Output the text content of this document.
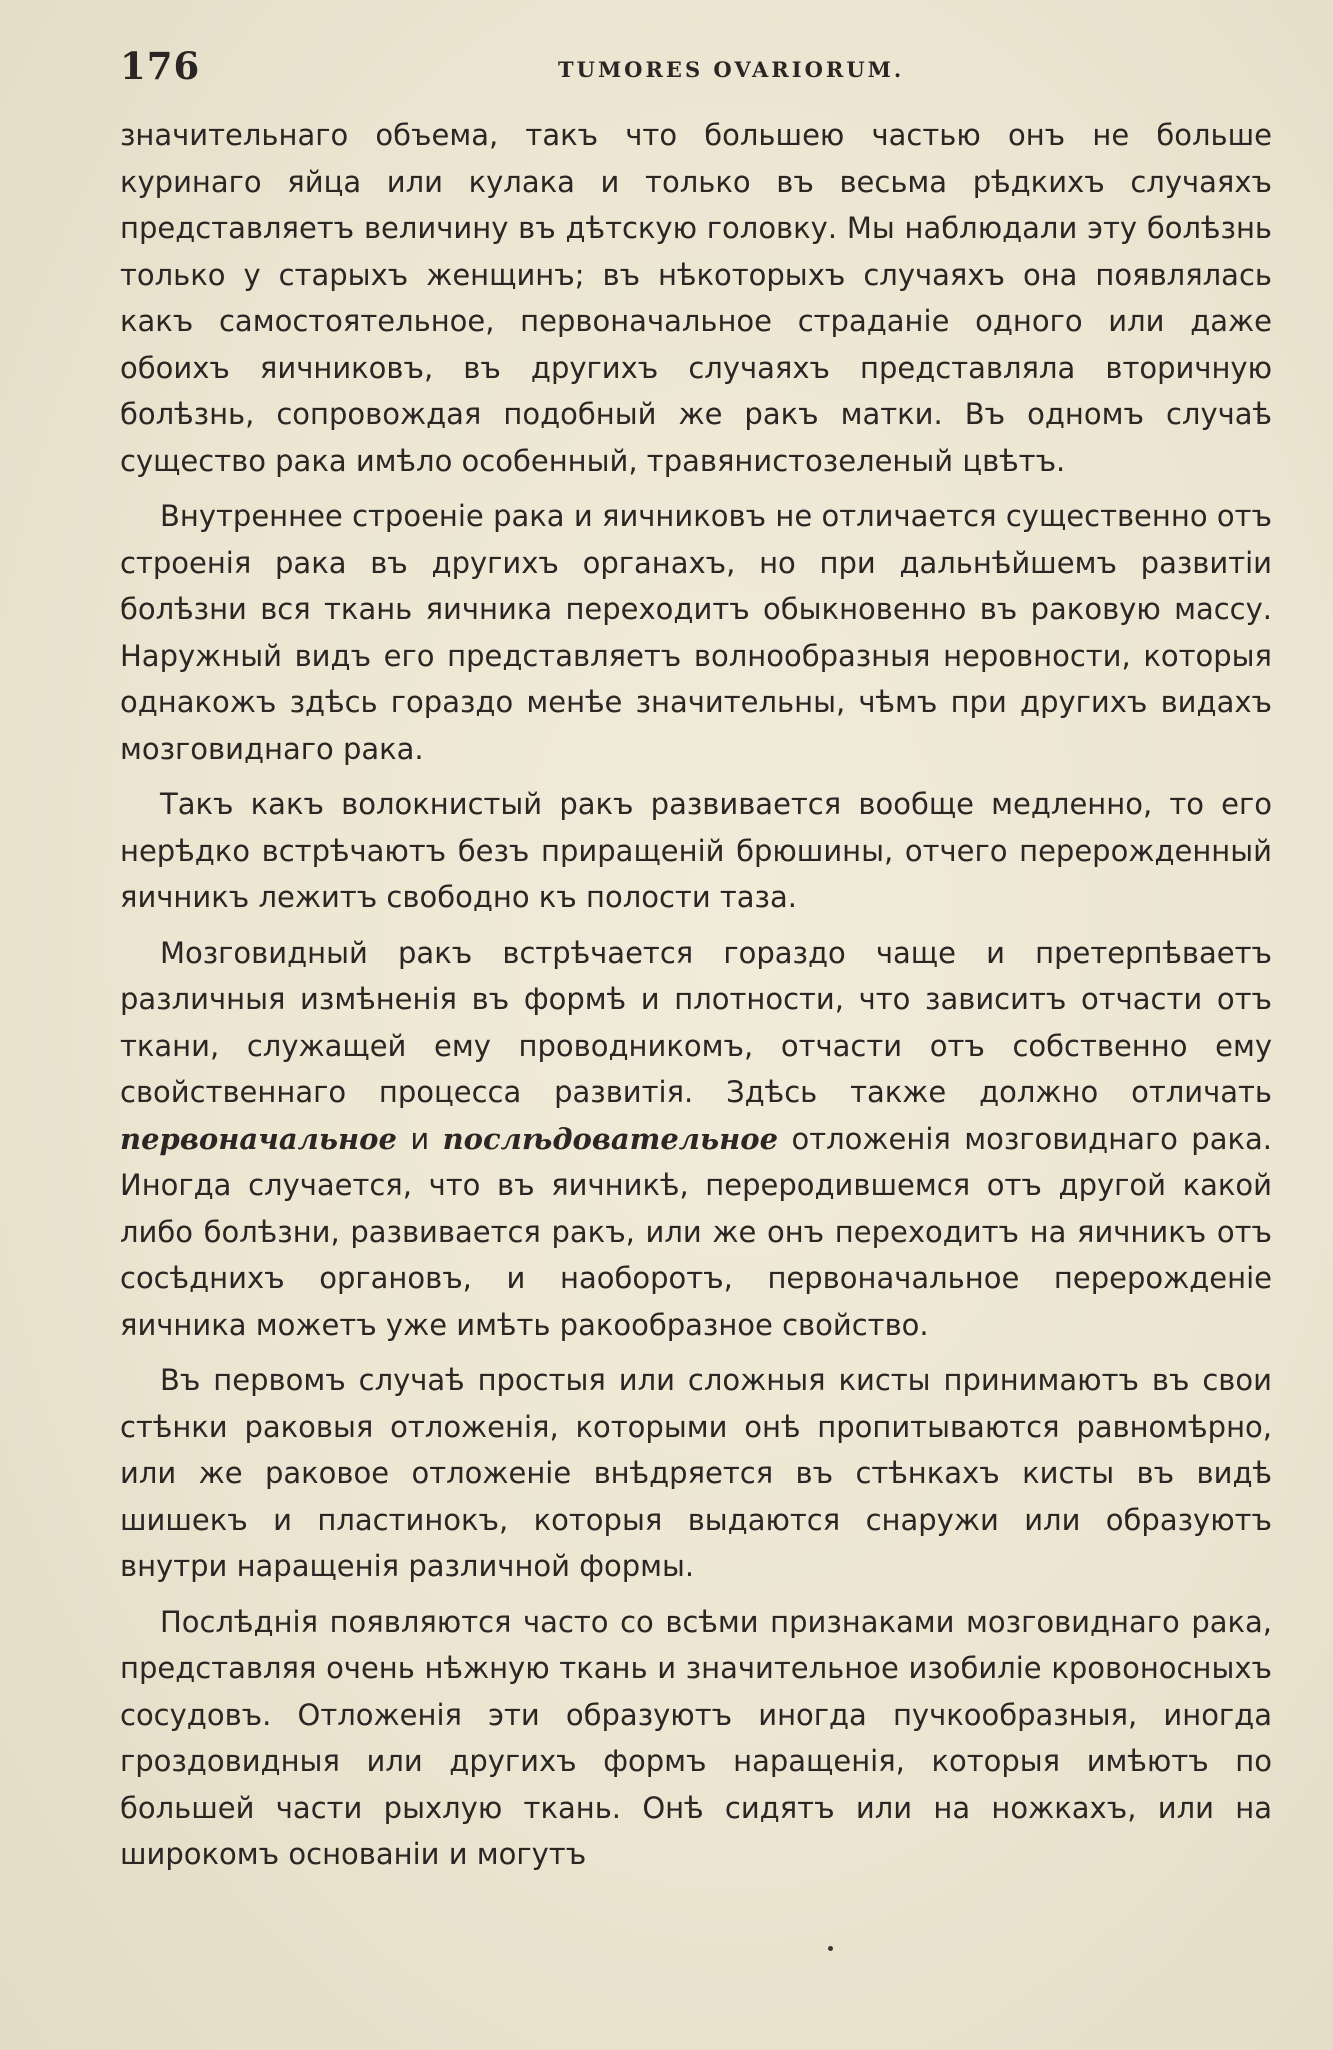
176	TUMORES OVARIORUM.

значительнаго объема, такъ что большею частью онъ не больше куринаго яйца или кулака и только въ весьма рѣдкихъ случаяхъ представляетъ величину въ дѣтскую головку. Мы наблюдали эту болѣзнь только у старыхъ женщинъ; въ нѣкоторыхъ случаяхъ она появлялась какъ самостоятельное, первоначальное страданіе одного или даже обоихъ яичниковъ, въ другихъ случаяхъ представляла вторичную болѣзнь, сопровождая подобный же ракъ матки. Въ одномъ случаѣ существо рака имѣло особенный, травянистозеленый цвѣтъ.

Внутреннее строеніе рака и яичниковъ не отличается существенно отъ строенія рака въ другихъ органахъ, но при дальнѣйшемъ развитіи болѣзни вся ткань яичника переходитъ обыкновенно въ раковую массу. Наружный видъ его представляетъ волнообразныя неровности, которыя однакожъ здѣсь гораздо менѣе значительны, чѣмъ при другихъ видахъ мозговиднаго рака.

Такъ какъ волокнистый ракъ развивается вообще медленно, то его нерѣдко встрѣчаютъ безъ приращеній брюшины, отчего перерожденный яичникъ лежитъ свободно къ полости таза.

Мозговидный ракъ встрѣчается гораздо чаще и претерпѣваетъ различныя измѣненія въ формѣ и плотности, что зависитъ отчасти отъ ткани, служащей ему проводникомъ, отчасти отъ собственно ему свойственнаго процесса развитія. Здѣсь также должно отличать первоначальное и послѣдовательное отложенія мозговиднаго рака. Иногда случается, что въ яичникѣ, переродившемся отъ другой какой либо болѣзни, развивается ракъ, или же онъ переходитъ на яичникъ отъ сосѣднихъ органовъ, и наоборотъ, первоначальное перерожденіе яичника можетъ уже имѣть ракообразное свойство.

Въ первомъ случаѣ простыя или сложныя кисты принимаютъ въ свои стѣнки раковыя отложенія, которыми онѣ пропитываются равномѣрно, или же раковое отложеніе внѣдряется въ стѣнкахъ кисты въ видѣ шишекъ и пластинокъ, которыя выдаются снаружи или образуютъ внутри наращенія различной формы.

Послѣднія появляются часто со всѣми признаками мозговиднаго рака, представляя очень нѣжную ткань и значительное изобиліе кровоносныхъ сосудовъ. Отложенія эти образуютъ иногда пучкообразныя, иногда гроздовидныя или другихъ формъ наращенія, которыя имѣютъ по большей части рыхлую ткань. Онѣ сидятъ или на ножкахъ, или на широкомъ основаніи и могутъ
